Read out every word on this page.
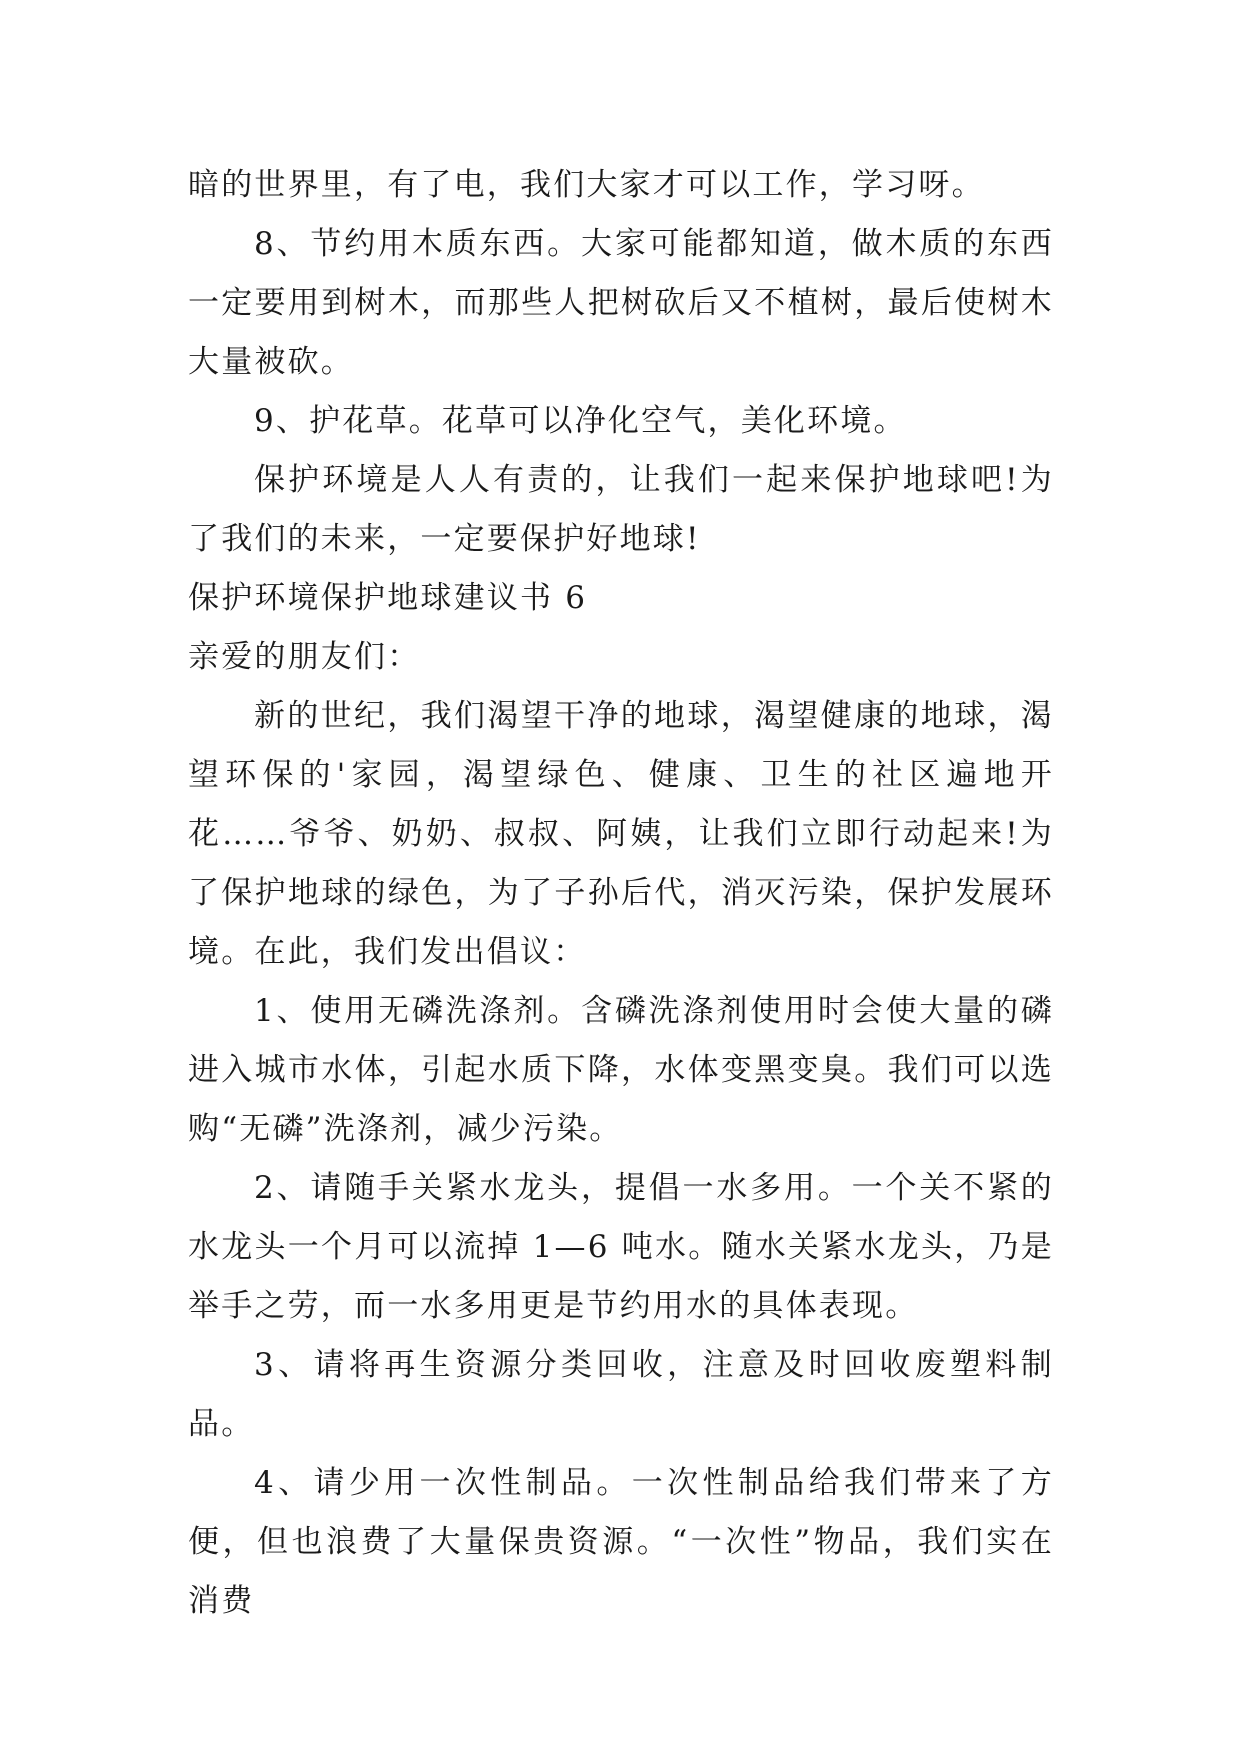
暗的世界里，有了电，我们大家才可以工作，学习呀。

8、节约用木质东西。大家可能都知道，做木质的东西一定要用到树木，而那些人把树砍后又不植树，最后使树木大量被砍。

9、护花草。花草可以净化空气，美化环境。

保护环境是人人有责的，让我们一起来保护地球吧!为了我们的未来，一定要保护好地球!

保护环境保护地球建议书 6

亲爱的朋友们：

新的世纪，我们渴望干净的地球，渴望健康的地球，渴望环保的'家园，渴望绿色、健康、卫生的社区遍地开花……爷爷、奶奶、叔叔、阿姨，让我们立即行动起来!为了保护地球的绿色，为了子孙后代，消灭污染，保护发展环境。在此，我们发出倡议：

1、使用无磷洗涤剂。含磷洗涤剂使用时会使大量的磷进入城市水体，引起水质下降，水体变黑变臭。我们可以选购“无磷”洗涤剂，减少污染。

2、请随手关紧水龙头，提倡一水多用。一个关不紧的水龙头一个月可以流掉 1—6 吨水。随水关紧水龙头，乃是举手之劳，而一水多用更是节约用水的具体表现。

3、请将再生资源分类回收，注意及时回收废塑料制品。

4、请少用一次性制品。一次性制品给我们带来了方便，但也浪费了大量保贵资源。“一次性”物品，我们实在消费
